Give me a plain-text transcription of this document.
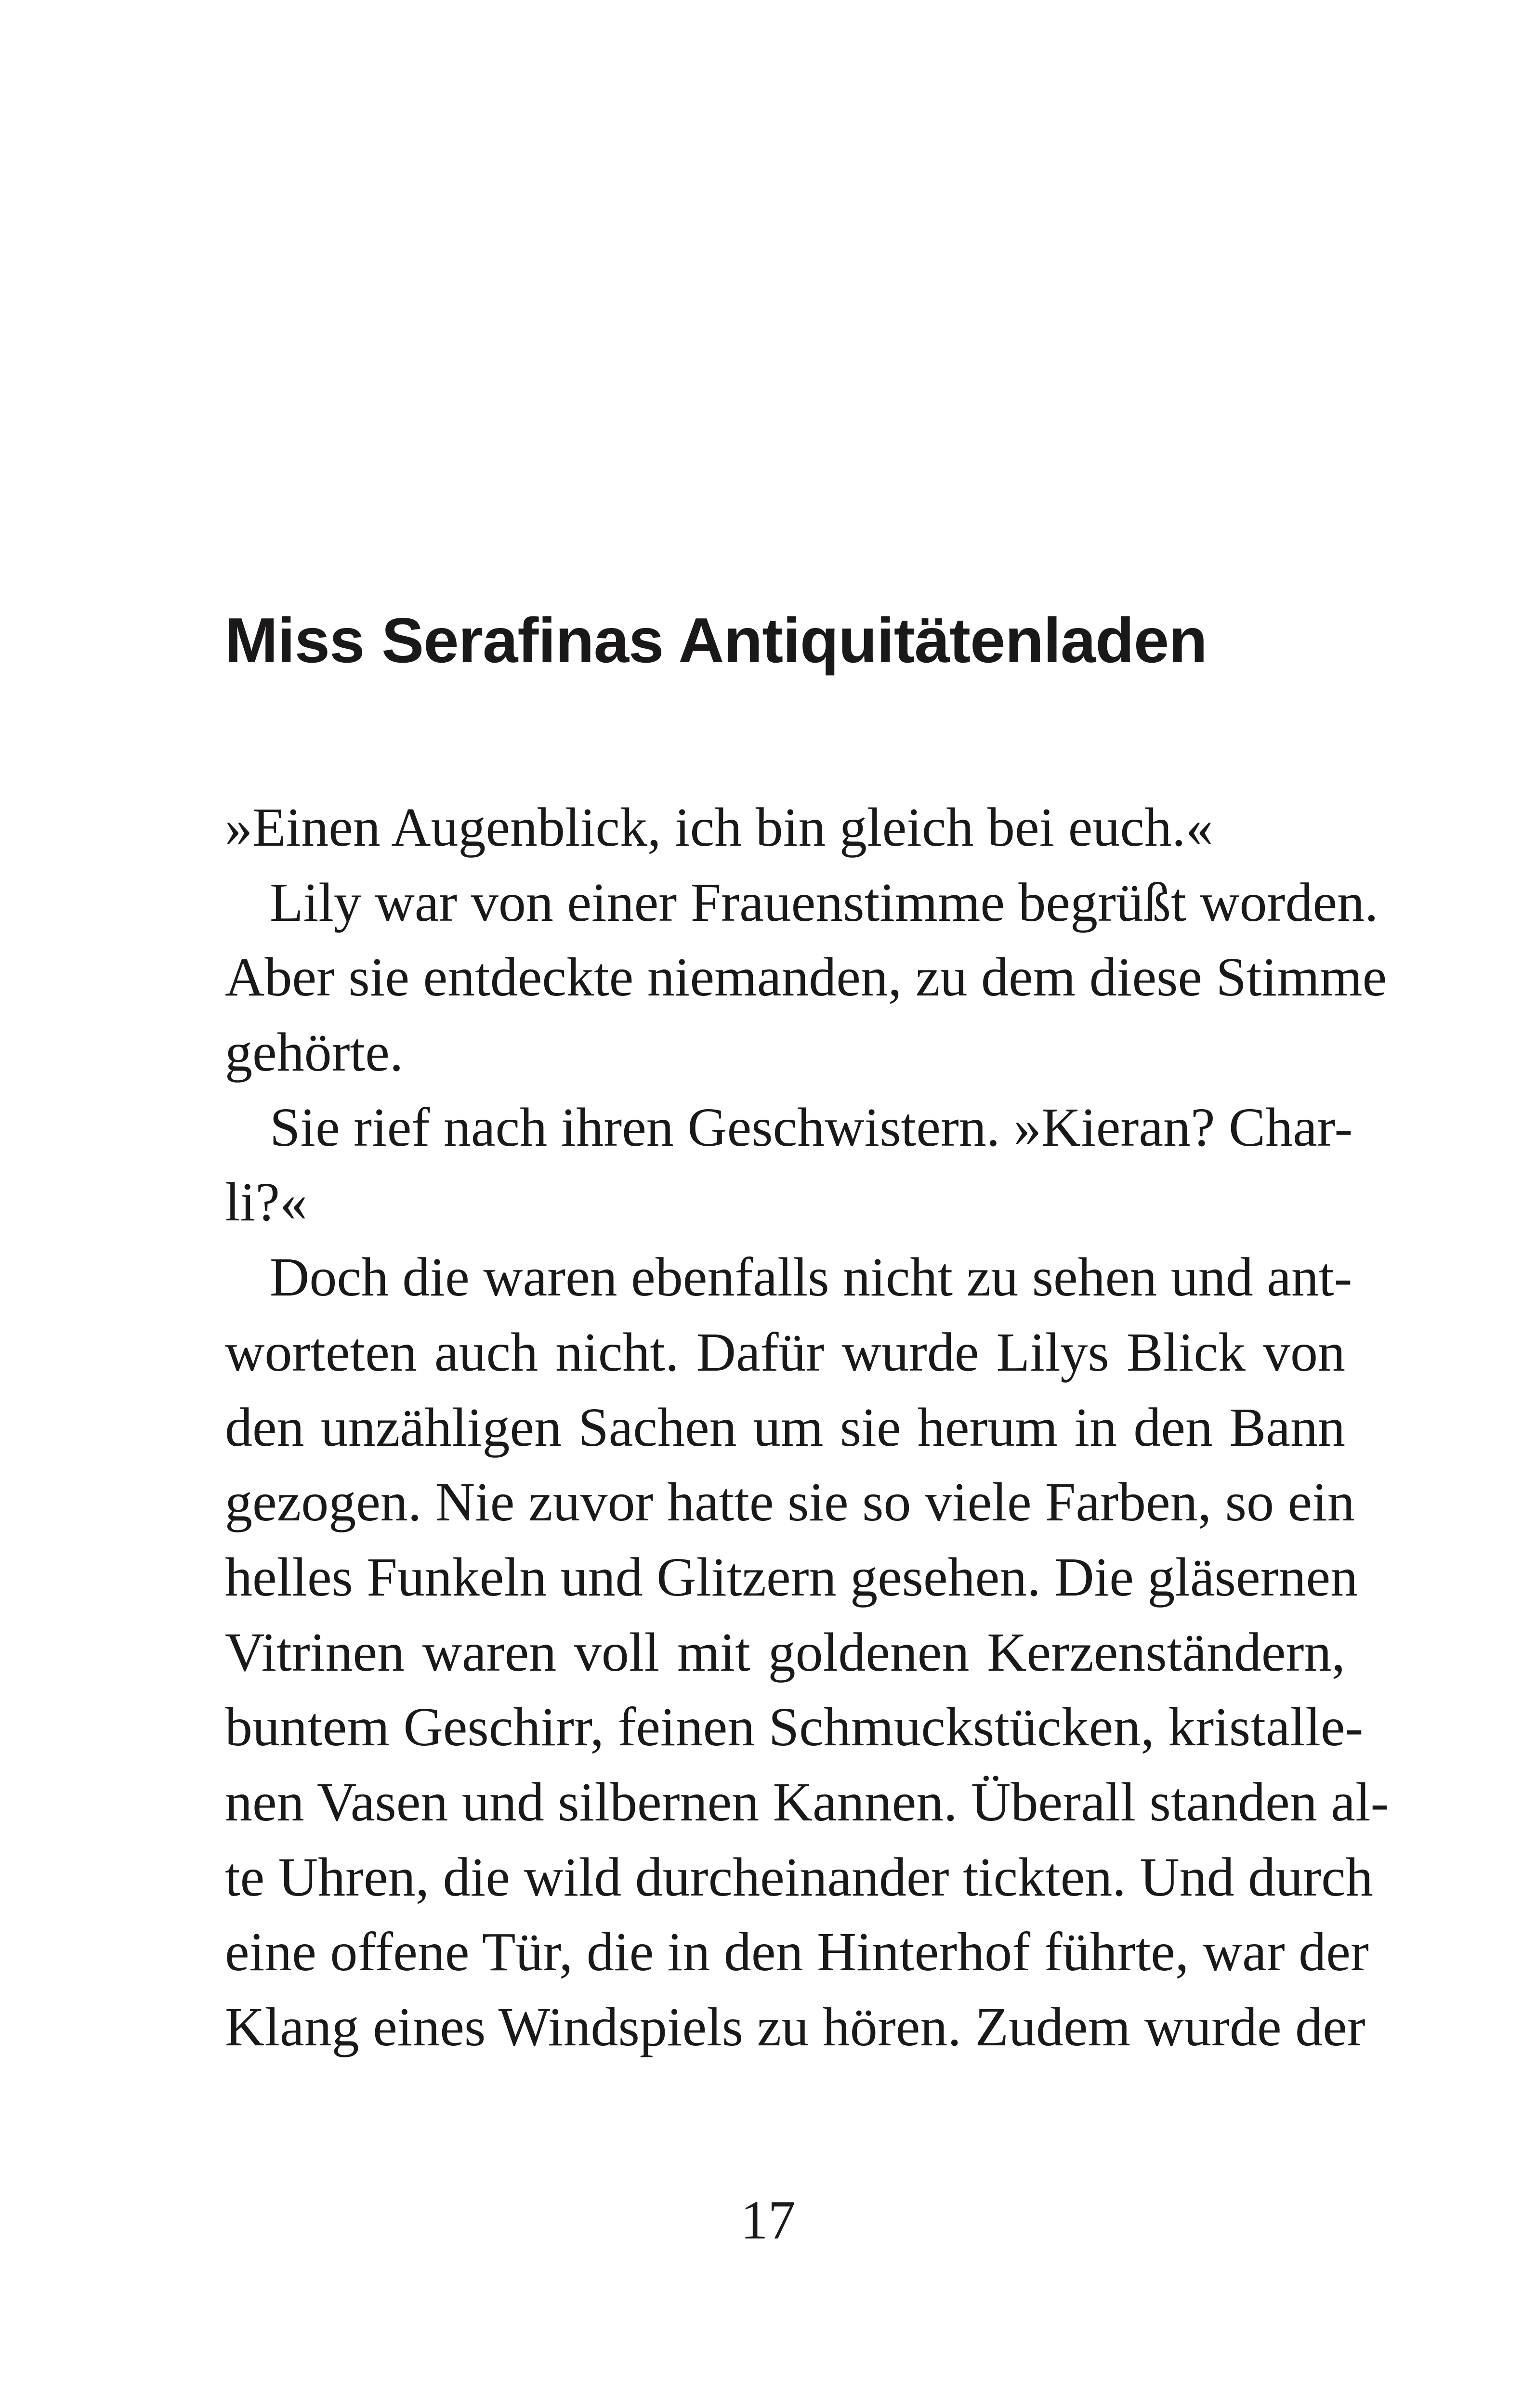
Miss Serafinas Antiquitätenladen
»Einen Augenblick, ich bin gleich bei euch.«
Lily war von einer Frauenstimme begrüßt worden.
Aber sie entdeckte niemanden, zu dem diese Stimme
gehörte.
Sie rief nach ihren Geschwistern. »Kieran? Char-
li?«
Doch die waren ebenfalls nicht zu sehen und ant-
worteten auch nicht. Dafür wurde Lilys Blick von
den unzähligen Sachen um sie herum in den Bann
gezogen. Nie zuvor hatte sie so viele Farben, so ein
helles Funkeln und Glitzern gesehen. Die gläsernen
Vitrinen waren voll mit goldenen Kerzenständern,
buntem Geschirr, feinen Schmuckstücken, kristalle-
nen Vasen und silbernen Kannen. Überall standen al-
te Uhren, die wild durcheinander tickten. Und durch
eine offene Tür, die in den Hinterhof führte, war der
Klang eines Windspiels zu hören. Zudem wurde der
17
